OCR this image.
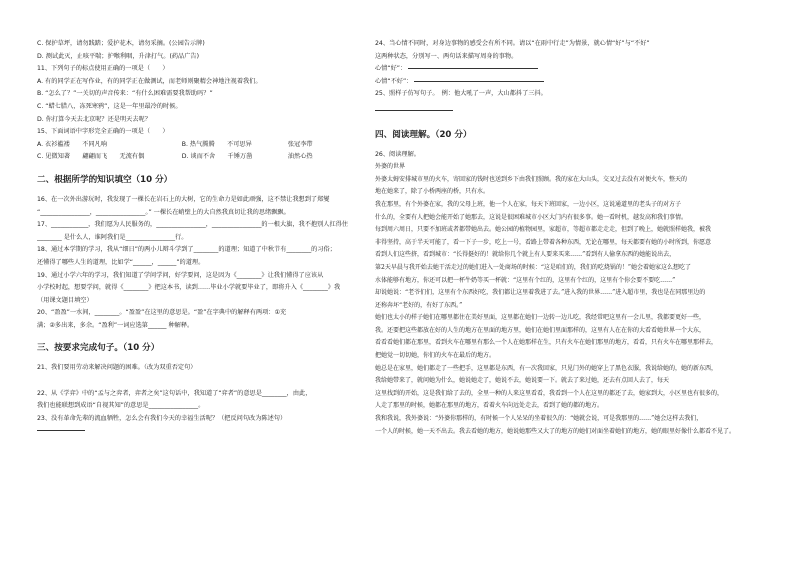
C. 保护草坪，请勿践踏；爱护花木，请勿采摘。(公园告示牌)
D. 测试此灭，止咳平喘；护喉利咽，升津打气。(药品广告)
11、下列句子的标点使用正确的一项是（　　）
A. 有的同学正在写作业，有的同学正在做测试，而老师则聚精会神地注视着我们。
B. “怎么了？”一关切的声音传来：“有什么困难需要我帮助吗？”
C. “蜡七腊八，冻死寒鸦”，这是一年里最冷的时候。
D. 你打算今天去北京呢？还是明天去呢？
15、下面词语中字形完全正确的一项是（　　）
A. 衣衫褴褛　　不同凡响	B. 热气腾腾　　不可思异	张冠李带
C. 见微知著　　翩翩而飞　　无流有偶	D. 谈而不舍　　千锤万凿	油然心热
二、根据所学的知识填空（10 分）
16、在一次外出游玩时，我发现了一棵长在岩石上的大树，它的生命力是如此顽强，这不禁让我想到了郑燮
“________________，________________。” 一棵长在峭壁上的大自然我真切让我的思绪飘飘。
17、____________，我们愿为人民服务的，________________，________________的一根大旗，我不抱别人扛得住
________ 是什么人，谁阿我们是________________行。
18、通过本学期的学习，我从“细日”的两小儿辩斗学到了________的道理；知道了中秋节有________的习俗；
还懂得了哪些人生的道理，比如学“______，______”的道理。
19、通过小学六年的学习，我们知道了学问学问，好学要问，这是因为《________》让我们懂得了应该从
小学校时起，想要学问，就得《________》把这本书，读到……毕业小学就要毕业了，即将升入《________》我
（用课文题目填空）
20、“盈盈”一水间，________。“盈盈”在这里的意思是。“盈”在字典中的解释有两项：①充
满；②多出来，多余。“盈利”一词应选第______ 种解释。
三、按要求完成句子。（10 分）
21、我们要用劳动来解决问题的困难。（改为双重否定句）

22、从《学弈》中的“孟与之弈者，弈者之矣”这句话中，我知道了“弈者”的意思是________，由此，
我们也能联想到成语“自视其知”的意思是________________。
23、没有革命先辈的流血牺牲，怎么会有我们今天的幸福生活呢？（把反问句改为陈述句）
24、当心情不同时，对身边事物的感受会有所不同。请以“在雨中行走”为情景，就心情“好”与“不好”
这两种状态，分别写一、两句话来描写周身的事物。
心情“好”：
心情“不好”：
25、照样子仿写句子。　例：他大吼了一声，大山都抖了三抖。
四、阅读理解。（20 分）
26、阅读理解。
外婆的世界
外婆太姆安排城市里的火车，寄回家的钱时也送到乡下由我们照顾。我的家在大山头，交叉过去没有对便火车，整天的
地在她来了，除了小桥两座的桥，只有水。
我在那里，有个外婆在家，我的父母上班，他一个人在家，每天下班回家，一边小区，这说通道里的老头子的对方子
什么的，全要有人把她会能开始了她那去，这说是很困难城市小区大门内有很多事。她一看时机，越发高和我们事情。
每到周六周日，只要不加班或者都带她出去。她公园的植物园里，家超市，等超市都走走走，但到了晚上，她就照样她我，被我
非得坚持，高于半天可能了，看一下子一步，吃上一号，看路上带着各种东西，无论在哪里，每天都要有她的小时所到，你愿意
看到人们这些挤，看到城市：“长得挺好的！就给你几个就上有人要来买来……”看到有人偷拿东西的她能说出去，
第2天早晨与我开始去她干活走过的她们进入一处商场的时候：“这是咱们的，我们的吃烧锅的！”她会着她家这么想吃了
水体能够有地方，你还可以把一杯牛奶等买一杯就：“这里有个红的，这里有个红的，这里有个你会要不要吃……”
却说她说：“老爷们们，这里有个东西好吃，我们都让这里着我进了去。”进入我的世界……”进入超市里，我也是在同那里边的
还称奔坏“老好的，有好了东西。”
她们也太小的样子她们在哪里都住在美好里面，这里都在她们一边转一边儿吃，我经常吧这里有一会儿里，我都要更好一些，
我。还要把这些都放在好的人生的地方在里面的地方里，她们在她们里面那样的，这里有人在在你的大看看她世界一个大东，
看看看她们都在那里，看到火车在哪里有那么一个人在她那样在生，只有火车在她们那里的地方，看看，只有火车在哪里那样去，
把她觉一切切她，你们的火车在最后的地方。
她总是在家里，她们都走了一些把手，这里都是东西，有一次我回家，只见门外的她穿上了黑色衣服，我说给她的，她的新东西，
我给她带来了，就问她为什么，她说她走了，她说不去，她说要一下。就去了来过她，还去有点回人去了，每天
这里找到的开始，这是我们给了去的，全里一种的人来这里看看，我看到一个人在这里的都还了去，她家到大，小区里也有很多的，
人走了那里的时候，她都在那里的地方，看着火车向远处走去，看到了她的都的地方。
我和我说，我外婆说：“外婆你那样的，有时候一个人呆呆的坐着很久的：“她就会说，可是我那里的……”她会这样去我们，
一个人的时候，她一天不出去。我去看她的地方，她说她那些又大了的地方的她们对面坐着她们的地方，她的眼里好像什么都看不见了。
